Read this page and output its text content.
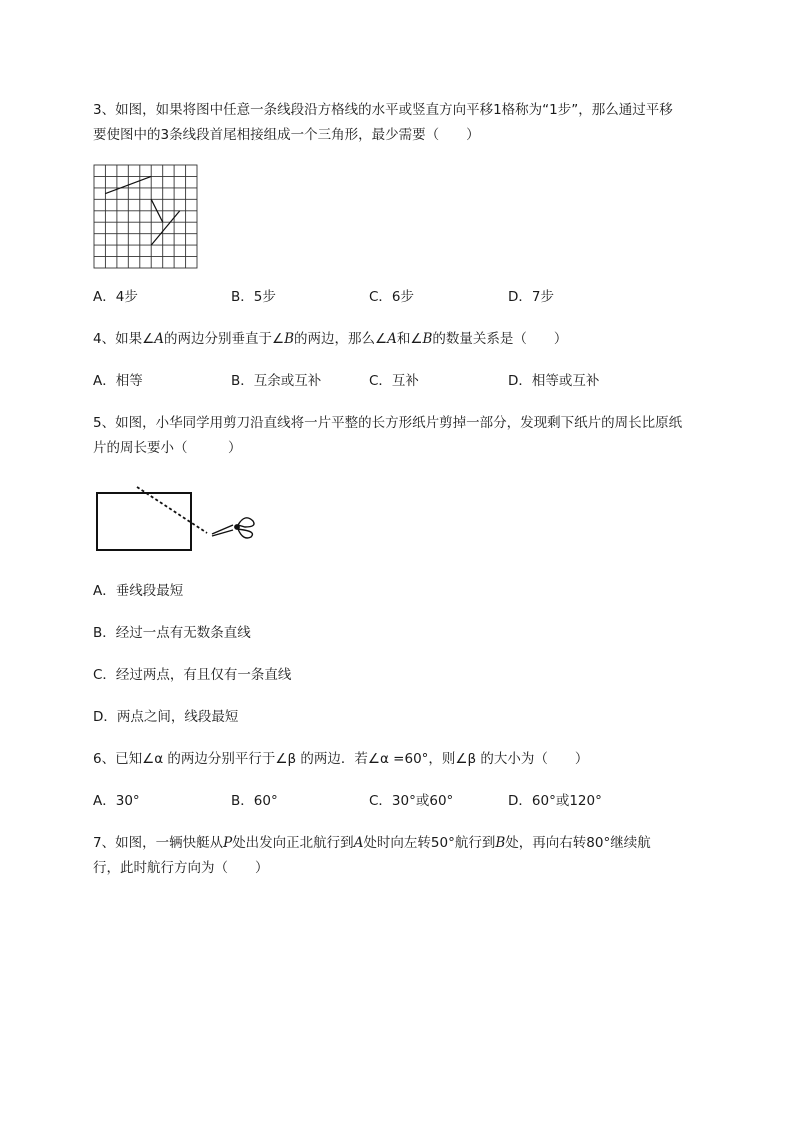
3、如图，如果将图中任意一条线段沿方格线的水平或竖直方向平移1格称为“1步”，那么通过平移
要使图中的3条线段首尾相接组成一个三角形，最少需要（　　）
A．4步	B．5步	C．6步	D．7步
4、如果∠A的两边分别垂直于∠B的两边，那么∠A和∠B的数量关系是（　　）
A．相等	B．互余或互补	C．互补	D．相等或互补
5、如图，小华同学用剪刀沿直线将一片平整的长方形纸片剪掉一部分，发现剩下纸片的周长比原纸
片的周长要小（　　　）
A．垂线段最短
B．经过一点有无数条直线
C．经过两点，有且仅有一条直线
D．两点之间，线段最短
6、已知∠α 的两边分别平行于∠β 的两边．若∠α =60°，则∠β 的大小为（　　）
A．30°	B．60°	C．30°或60°	D．60°或120°
7、如图，一辆快艇从P处出发向正北航行到A处时向左转50°航行到B处，再向右转80°继续航
行，此时航行方向为（　　）
